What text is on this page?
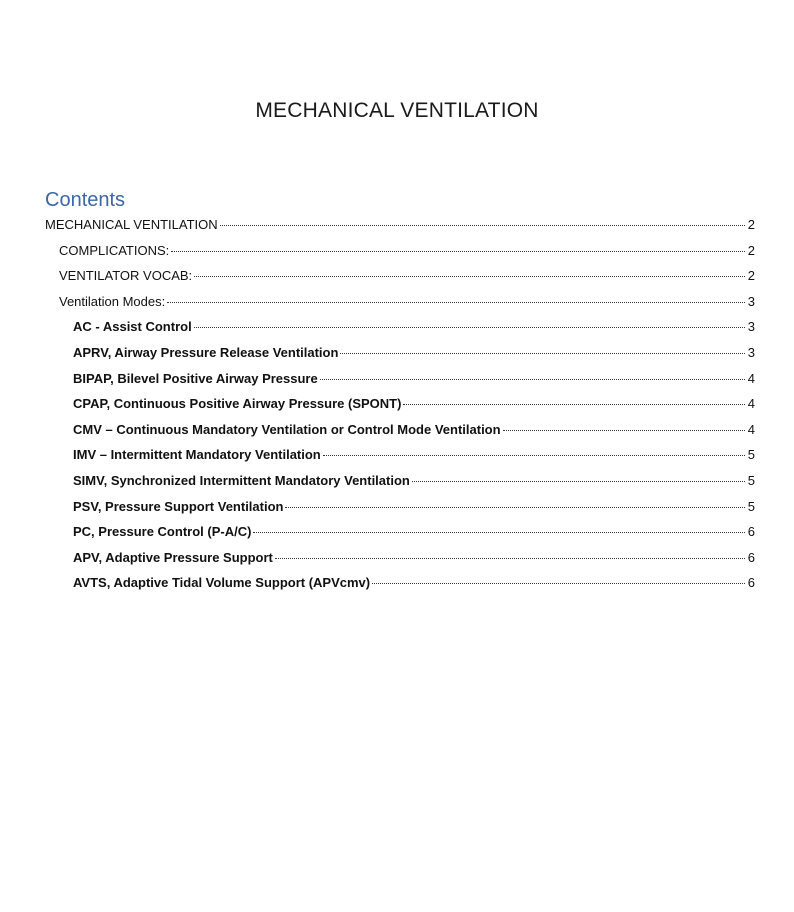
MECHANICAL VENTILATION
Contents
MECHANICAL VENTILATION	2
COMPLICATIONS:	2
VENTILATOR VOCAB:	2
Ventilation Modes:	3
AC - Assist Control	3
APRV, Airway Pressure Release Ventilation	3
BIPAP, Bilevel Positive Airway Pressure	4
CPAP, Continuous Positive Airway Pressure (SPONT)	4
CMV – Continuous Mandatory Ventilation or Control Mode Ventilation	4
IMV – Intermittent Mandatory Ventilation	5
SIMV, Synchronized Intermittent Mandatory Ventilation	5
PSV, Pressure Support Ventilation	5
PC, Pressure Control (P-A/C)	6
APV, Adaptive Pressure Support	6
AVTS, Adaptive Tidal Volume Support (APVcmv)	6
